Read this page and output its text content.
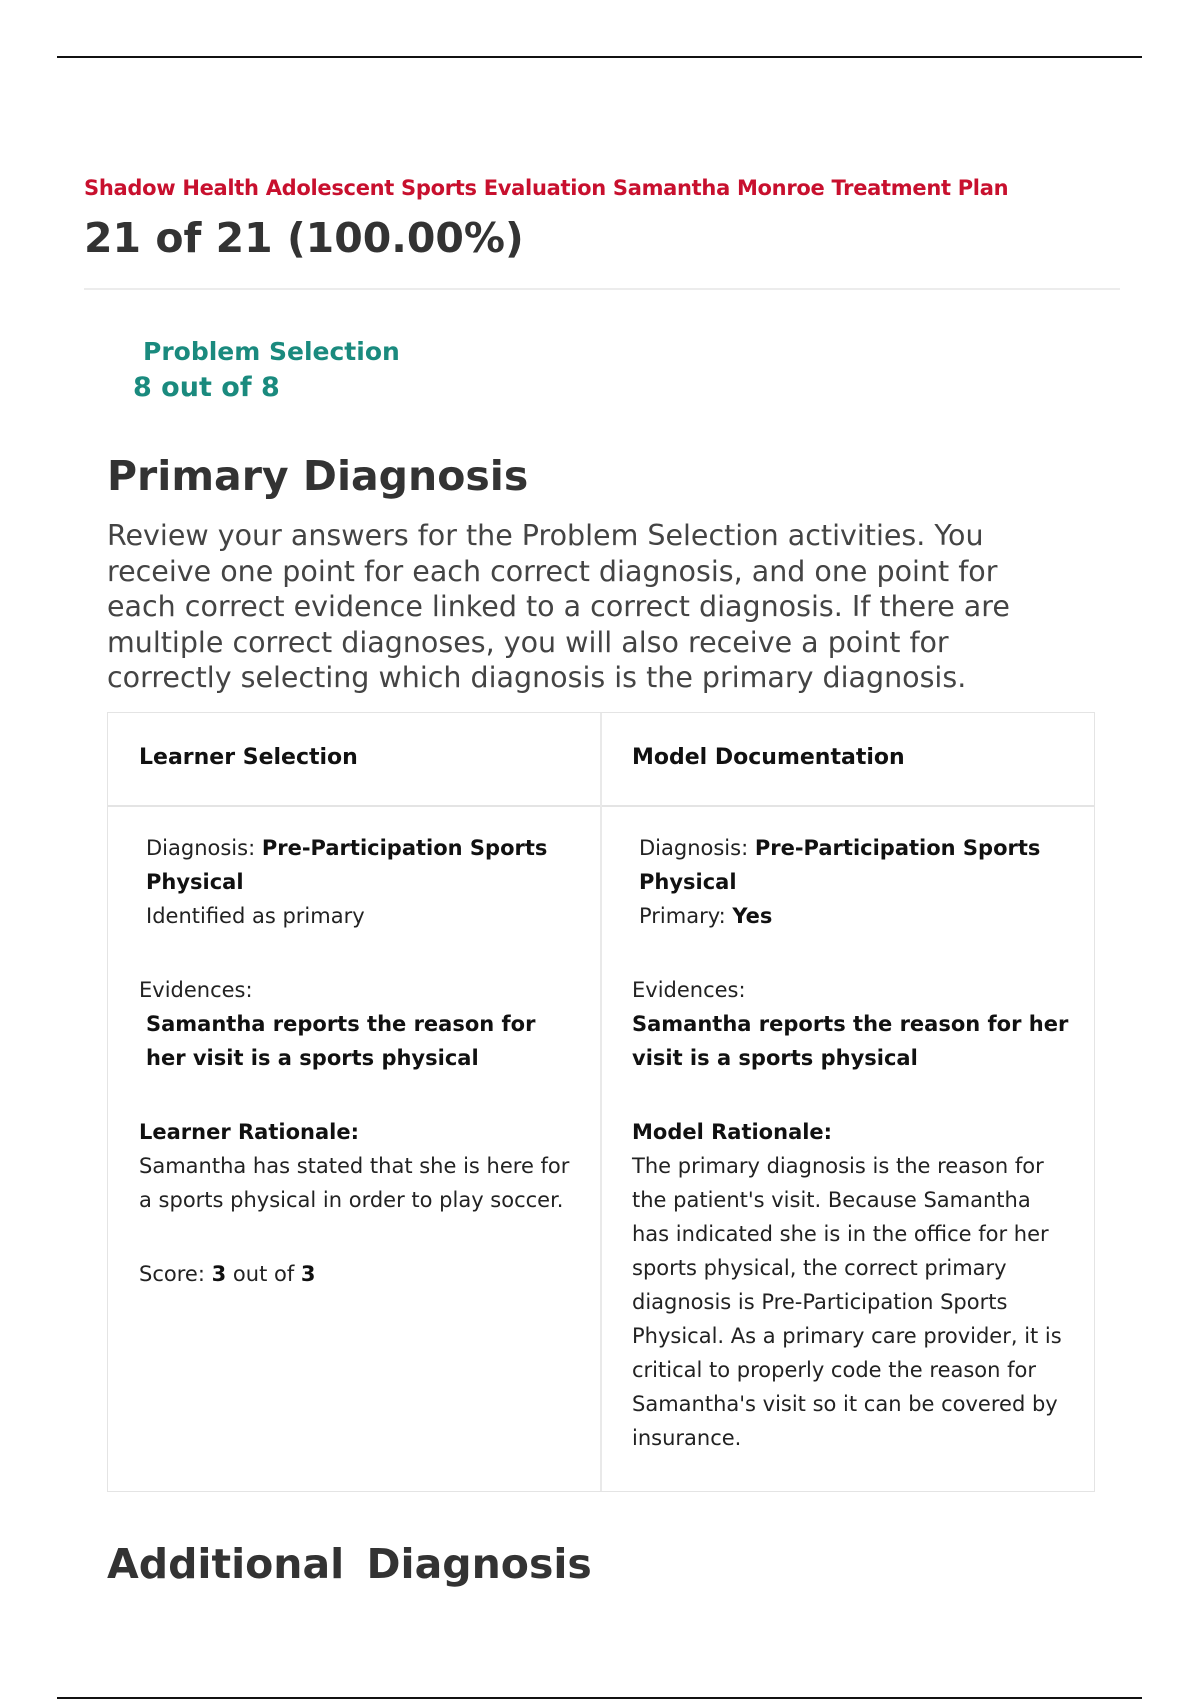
Shadow Health Adolescent Sports Evaluation Samantha Monroe Treatment Plan
21 of 21 (100.00%)
Problem Selection
8 out of 8
Primary Diagnosis

Review your answers for the Problem Selection activities. You receive one point for each correct diagnosis, and one point for each correct evidence linked to a correct diagnosis. If there are multiple correct diagnoses, you will also receive a point for correctly selecting which diagnosis is the primary diagnosis.

Learner Selection	Model Documentation
Diagnosis: Pre-Participation Sports Physical
Identified as primary
Evidences:
Samantha reports the reason for her visit is a sports physical
Learner Rationale:
Samantha has stated that she is here for a sports physical in order to play soccer.
Score: 3 out of 3
Diagnosis: Pre-Participation Sports Physical
Primary: Yes
Evidences:
Samantha reports the reason for her visit is a sports physical
Model Rationale:
The primary diagnosis is the reason for the patient's visit. Because Samantha has indicated she is in the office for her sports physical, the correct primary diagnosis is Pre-Participation Sports Physical. As a primary care provider, it is critical to properly code the reason for Samantha's visit so it can be covered by insurance.
Additional Diagnosis
